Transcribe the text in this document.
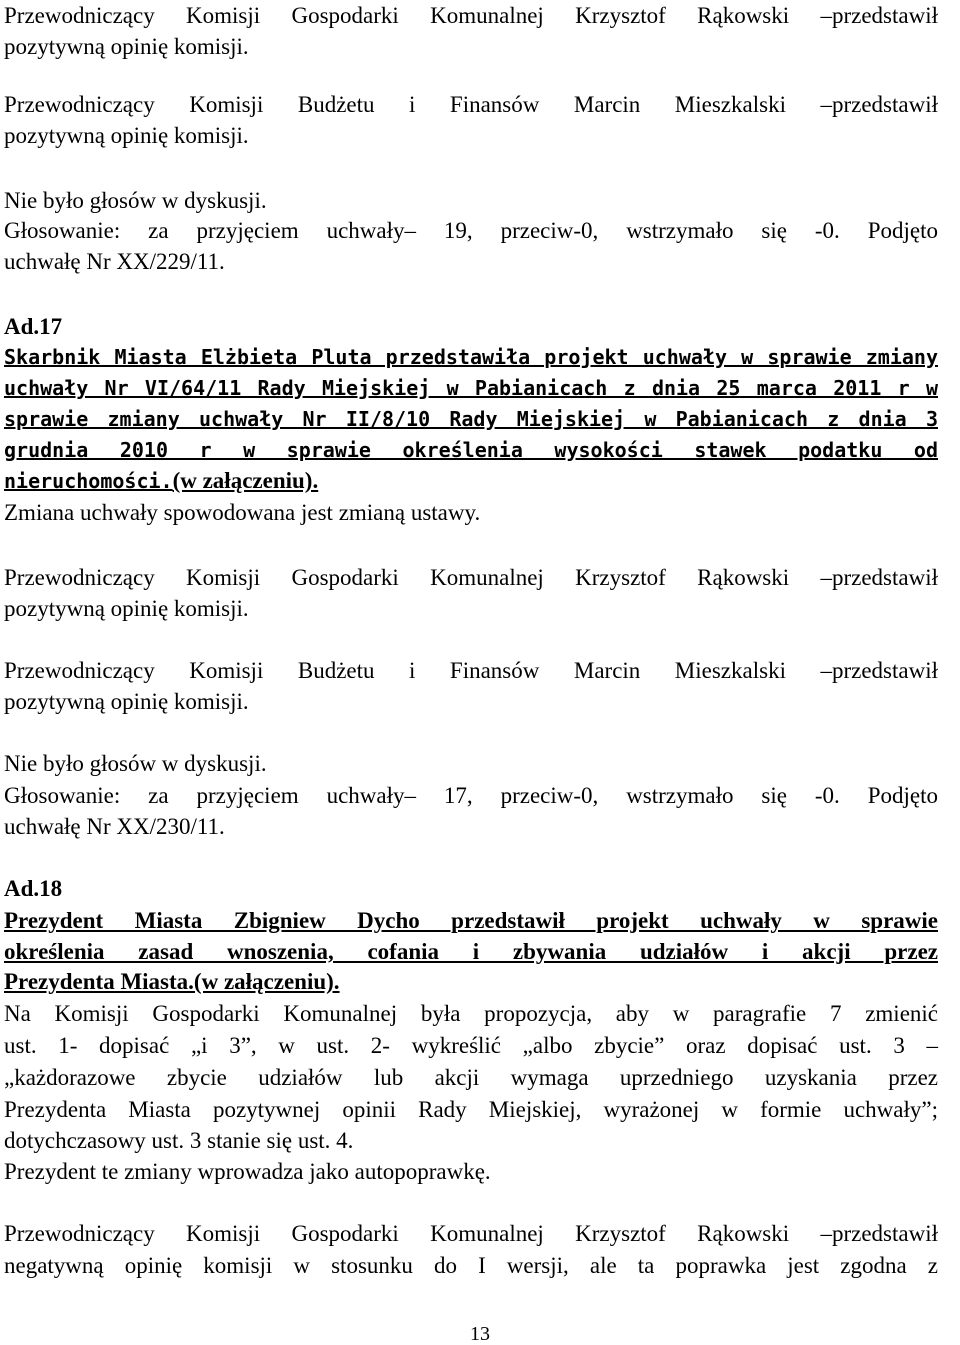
Przewodniczący Komisji Gospodarki Komunalnej Krzysztof Rąkowski –przedstawił

pozytywną opinię komisji.

Przewodniczący Komisji Budżetu i Finansów Marcin Mieszkalski –przedstawił

pozytywną opinię komisji.

Nie było głosów w dyskusji.

Głosowanie: za przyjęciem uchwały– 19, przeciw-0, wstrzymało się -0. Podjęto

uchwałę Nr XX/229/11.

Ad.17

Skarbnik Miasta Elżbieta Pluta przedstawiła projekt uchwały w sprawie zmiany

uchwały Nr VI/64/11 Rady Miejskiej w Pabianicach z dnia 25 marca 2011 r w

sprawie zmiany uchwały Nr II/8/10 Rady Miejskiej w Pabianicach z dnia 3

grudnia 2010 r w sprawie określenia wysokości stawek podatku od

nieruchomości.(w załączeniu).

Zmiana uchwały spowodowana jest zmianą ustawy.

Przewodniczący Komisji Gospodarki Komunalnej Krzysztof Rąkowski –przedstawił

pozytywną opinię komisji.

Przewodniczący Komisji Budżetu i Finansów Marcin Mieszkalski –przedstawił

pozytywną opinię komisji.

Nie było głosów w dyskusji.

Głosowanie: za przyjęciem uchwały– 17, przeciw-0, wstrzymało się -0. Podjęto

uchwałę Nr XX/230/11.

Ad.18

Prezydent Miasta Zbigniew Dycho przedstawił projekt uchwały w sprawie

określenia zasad wnoszenia, cofania i zbywania udziałów i akcji przez

Prezydenta Miasta.(w załączeniu).

Na Komisji Gospodarki Komunalnej była propozycja, aby w paragrafie 7 zmienić

ust. 1- dopisać „i 3”, w ust. 2- wykreślić „albo zbycie” oraz dopisać ust. 3 –

„każdorazowe zbycie udziałów lub akcji wymaga uprzedniego uzyskania przez

Prezydenta Miasta pozytywnej opinii Rady Miejskiej, wyrażonej w formie uchwały”;

dotychczasowy ust. 3 stanie się ust. 4.

Prezydent te zmiany wprowadza jako autopoprawkę.

Przewodniczący Komisji Gospodarki Komunalnej Krzysztof Rąkowski –przedstawił

negatywną opinię komisji w stosunku do I wersji, ale ta poprawka jest zgodna z

13
